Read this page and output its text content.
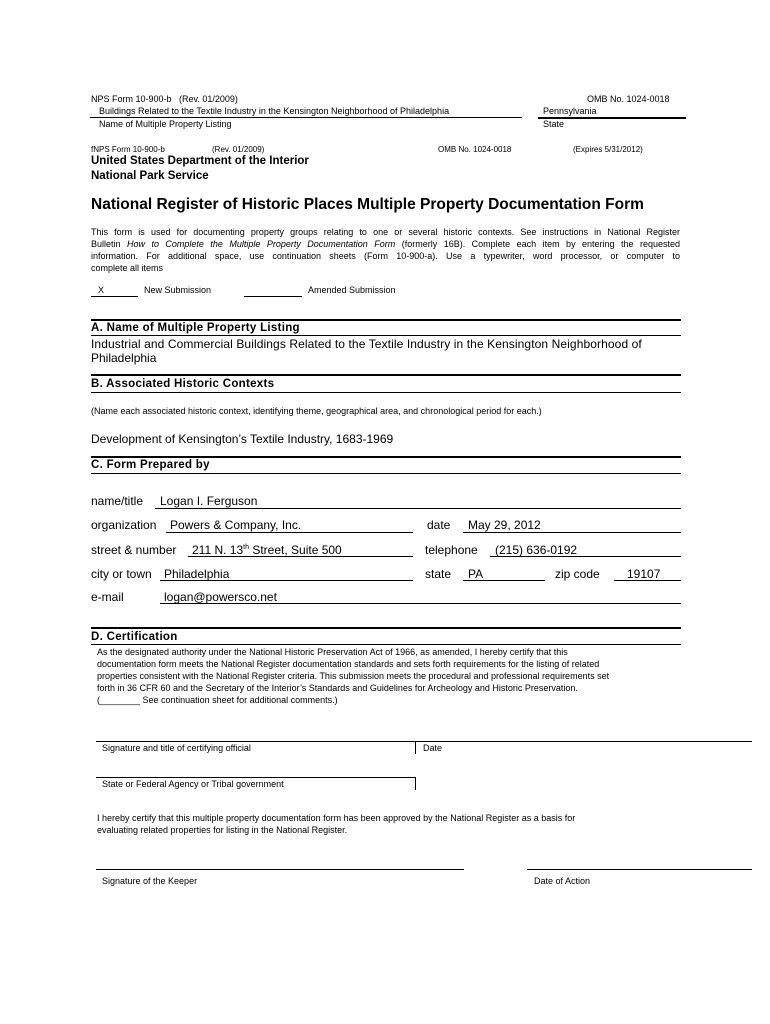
NPS Form 10-900-b (Rev. 01/2009)	OMB No. 1024-0018
Buildings Related to the Textile Industry in the Kensington Neighborhood of Philadelphia	Pennsylvania
Name of Multiple Property Listing	State
fNPS Form 10-900-b	(Rev. 01/2009)	OMB No. 1024-0018	(Expires 5/31/2012)
United States Department of the Interior
National Park Service
National Register of Historic Places Multiple Property Documentation Form
This form is used for documenting property groups relating to one or several historic contexts. See instructions in National Register
Bulletin How to Complete the Multiple Property Documentation Form (formerly 16B). Complete each item by entering the requested
information. For additional space, use continuation sheets (Form 10-900-a). Use a typewriter, word processor, or computer to
complete all items
X	New Submission	Amended Submission
A. Name of Multiple Property Listing
Industrial and Commercial Buildings Related to the Textile Industry in the Kensington Neighborhood of
Philadelphia
B. Associated Historic Contexts
(Name each associated historic context, identifying theme, geographical area, and chronological period for each.)
Development of Kensington’s Textile Industry, 1683-1969
C. Form Prepared by
name/title Logan I. Ferguson
organization Powers & Company, Inc.	date May 29, 2012
street & number 211 N. 13th Street, Suite 500	telephone (215) 636-0192
city or town Philadelphia	state PA	zip code 19107
e-mail	logan@powersco.net
D. Certification
As the designated authority under the National Historic Preservation Act of 1966, as amended, I hereby certify that this
documentation form meets the National Register documentation standards and sets forth requirements for the listing of related
properties consistent with the National Register criteria. This submission meets the procedural and professional requirements set
forth in 36 CFR 60 and the Secretary of the Interior’s Standards and Guidelines for Archeology and Historic Preservation.
(________ See continuation sheet for additional comments.)
Signature and title of certifying official	Date
State or Federal Agency or Tribal government
I hereby certify that this multiple property documentation form has been approved by the National Register as a basis for
evaluating related properties for listing in the National Register.
Signature of the Keeper	Date of Action
